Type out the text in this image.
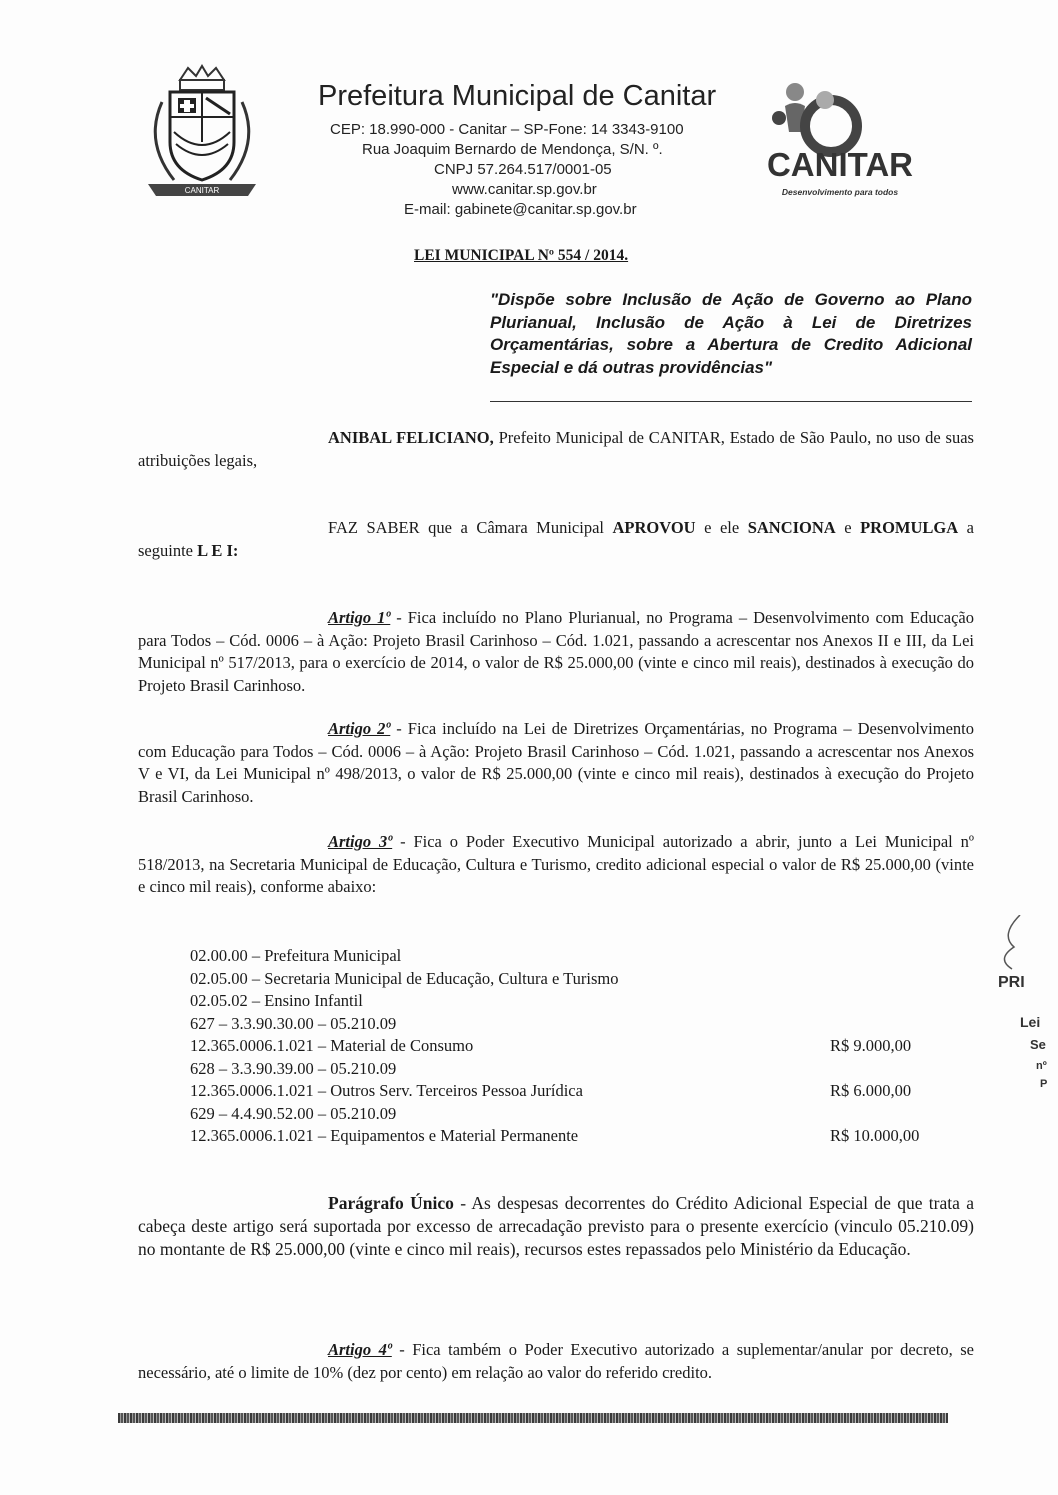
CANITAR
Prefeitura Municipal de Canitar
CEP: 18.990-000 - Canitar – SP-Fone: 14 3343-9100
Rua Joaquim Bernardo de Mendonça, S/N. º.
CNPJ 57.264.517/0001-05
www.canitar.sp.gov.br
E-mail: gabinete@canitar.sp.gov.br
CANITAR
Desenvolvimento para todos
LEI MUNICIPAL Nº 554 / 2014.
"Dispõe sobre Inclusão de Ação de Governo ao Plano Plurianual, Inclusão de Ação à Lei de Diretrizes Orçamentárias, sobre a Abertura de Credito Adicional Especial e dá outras providências"
ANIBAL FELICIANO, Prefeito Municipal de CANITAR, Estado de São Paulo, no uso de suas atribuições legais,
FAZ SABER que a Câmara Municipal APROVOU e ele SANCIONA e PROMULGA a seguinte L E I:
Artigo 1º - Fica incluído no Plano Plurianual, no Programa – Desenvolvimento com Educação para Todos – Cód. 0006 – à Ação: Projeto Brasil Carinhoso – Cód. 1.021, passando a acrescentar nos Anexos II e III, da Lei Municipal nº 517/2013, para o exercício de 2014, o valor de R$ 25.000,00 (vinte e cinco mil reais), destinados à execução do Projeto Brasil Carinhoso.
Artigo 2º - Fica incluído na Lei de Diretrizes Orçamentárias, no Programa – Desenvolvimento com Educação para Todos – Cód. 0006 – à Ação: Projeto Brasil Carinhoso – Cód. 1.021, passando a acrescentar nos Anexos V e VI, da Lei Municipal nº 498/2013, o valor de R$ 25.000,00 (vinte e cinco mil reais), destinados à execução do Projeto Brasil Carinhoso.
Artigo 3º - Fica o Poder Executivo Municipal autorizado a abrir, junto a Lei Municipal nº 518/2013, na Secretaria Municipal de Educação, Cultura e Turismo, credito adicional especial o valor de R$ 25.000,00 (vinte e cinco mil reais), conforme abaixo:
02.00.00 – Prefeitura Municipal
02.05.00 – Secretaria Municipal de Educação, Cultura e Turismo
02.05.02 – Ensino Infantil
627 – 3.3.90.30.00 – 05.210.09
12.365.0006.1.021 – Material de Consumo	R$ 9.000,00
628 – 3.3.90.39.00 – 05.210.09
12.365.0006.1.021 – Outros Serv. Terceiros Pessoa Jurídica	R$ 6.000,00
629 – 4.4.90.52.00 – 05.210.09
12.365.0006.1.021 – Equipamentos e Material Permanente	R$ 10.000,00
Parágrafo Único - As despesas decorrentes do Crédito Adicional Especial de que trata a cabeça deste artigo será suportada por excesso de arrecadação previsto para o presente exercício (vinculo 05.210.09) no montante de R$ 25.000,00 (vinte e cinco mil reais), recursos estes repassados pelo Ministério da Educação.
Artigo 4º - Fica também o Poder Executivo autorizado a suplementar/anular por decreto, se necessário, até o limite de 10% (dez por cento) em relação ao valor do referido credito.
PRI
Lei
Se
nº
P
